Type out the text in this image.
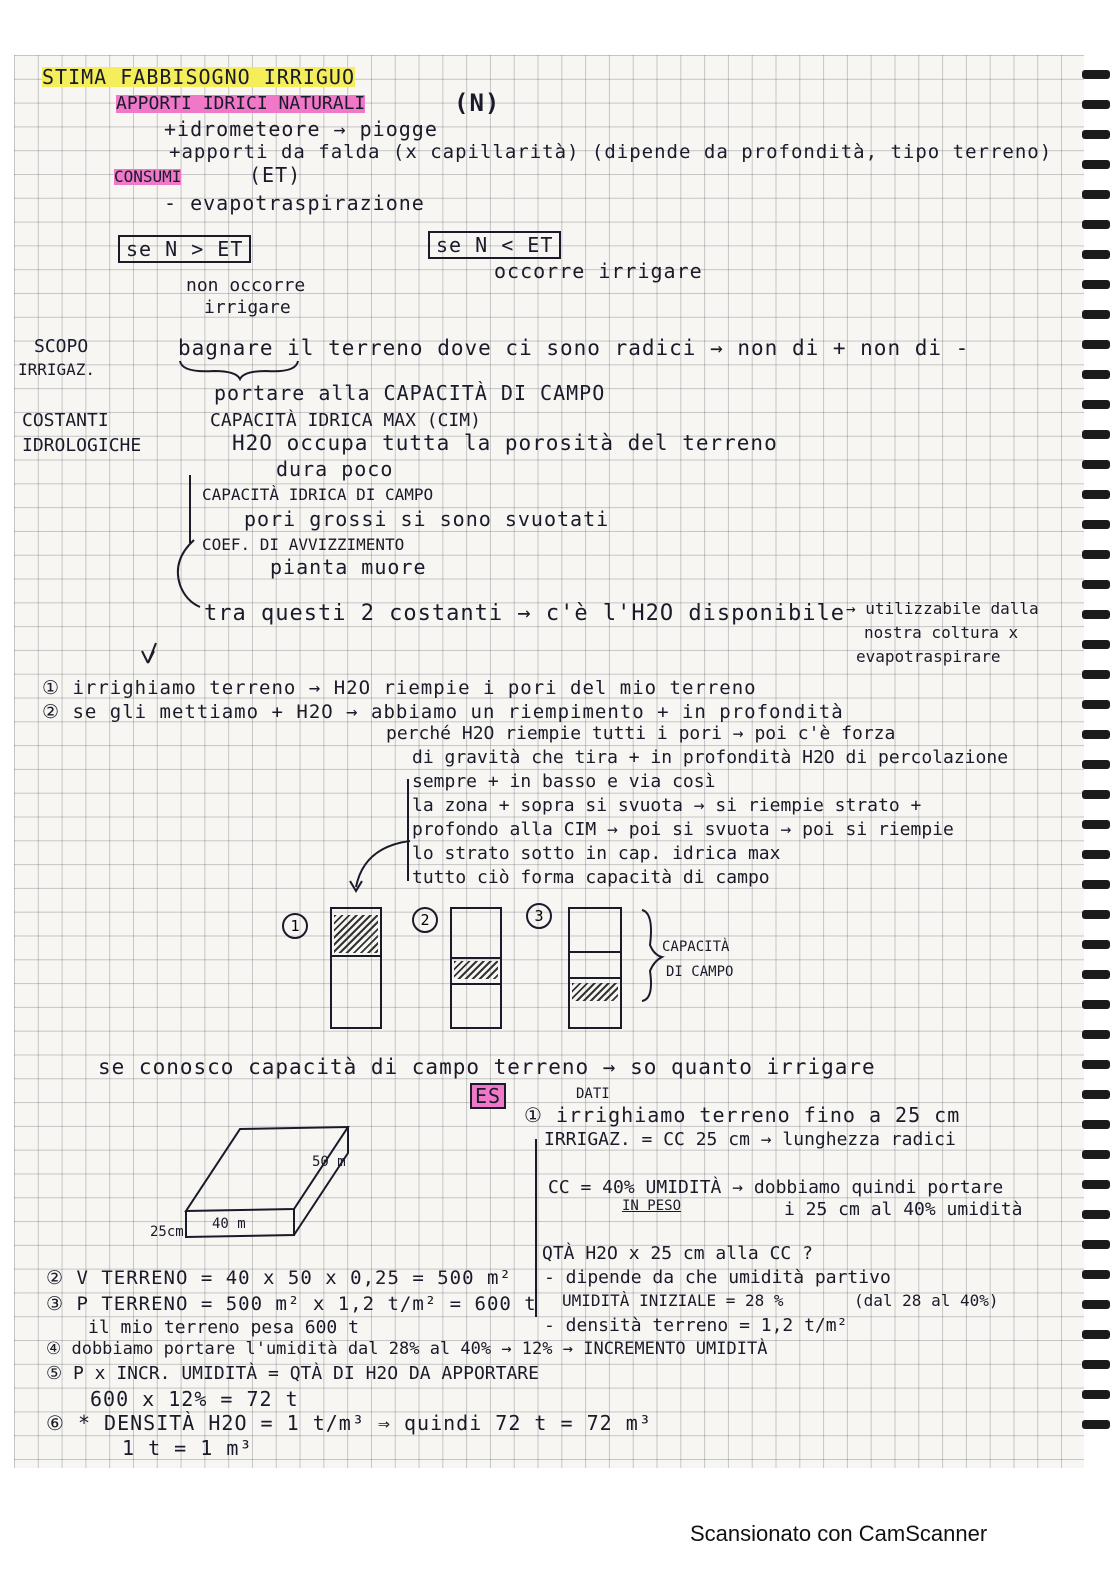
STIMA FABBISOGNO IRRIGUO
APPORTI IDRICI NATURALI	(N)
+idrometeore → piogge
+apporti da falda (x capillarità) (dipende da profondità, tipo terreno)
CONSUMI	(ET)
- evapotraspirazione
se N > ET
non occorre
irrigare
se N < ET
occorre irrigare
SCOPO
IRRIGAZ.
bagnare il terreno dove ci sono radici → non di + non di -
portare alla CAPACITÀ DI CAMPO
COSTANTI
IDROLOGICHE
CAPACITÀ IDRICA MAX (CIM)
H2O occupa tutta la porosità del terreno
dura poco
CAPACITÀ IDRICA DI CAMPO
pori grossi si sono svuotati
COEF. DI AVVIZZIMENTO
pianta muore
tra questi 2 costanti → c'è l'H2O disponibile → utilizzabile dalla
nostra coltura x
evapotraspirare
① irrighiamo terreno → H2O riempie i pori del mio terreno
② se gli mettiamo + H2O → abbiamo un riempimento + in profondità
perché H2O riempie tutti i pori → poi c'è forza
di gravità che tira + in profondità H2O di percolazione
sempre + in basso e via così
la zona + sopra si svuota → si riempie strato +
profondo alla CIM → poi si svuota → poi si riempie
lo strato sotto in cap. idrica max
tutto ciò forma capacità di campo
1	2	3
CAPACITÀ
DI CAMPO
se conosco capacità di campo terreno → so quanto irrigare
ES	DATI
① irrighiamo terreno fino a 25 cm
IRRIGAZ. = CC 25 cm → lunghezza radici
CC = 40% UMIDITÀ → dobbiamo quindi portare
IN PESO	i 25 cm al 40% umidità
QTÀ H2O x 25 cm alla CC ?
- dipende da che umidità partivo
UMIDITÀ INIZIALE = 28 %	(dal 28 al 40%)
- densità terreno = 1,2 t/m²
50 m
40 m
25cm
② V TERRENO = 40 x 50 x 0,25 = 500 m²
③ P TERRENO = 500 m² x 1,2 t/m² = 600 t
il mio terreno pesa 600 t
④ dobbiamo portare l'umidità dal 28% al 40% → 12% → INCREMENTO UMIDITÀ
⑤ P x INCR. UMIDITÀ = QTÀ DI H2O DA APPORTARE
600 x 12% = 72 t
⑥ * DENSITÀ H2O = 1 t/m³ ⇒ quindi 72 t = 72 m³
1 t = 1 m³
Scansionato con CamScanner
